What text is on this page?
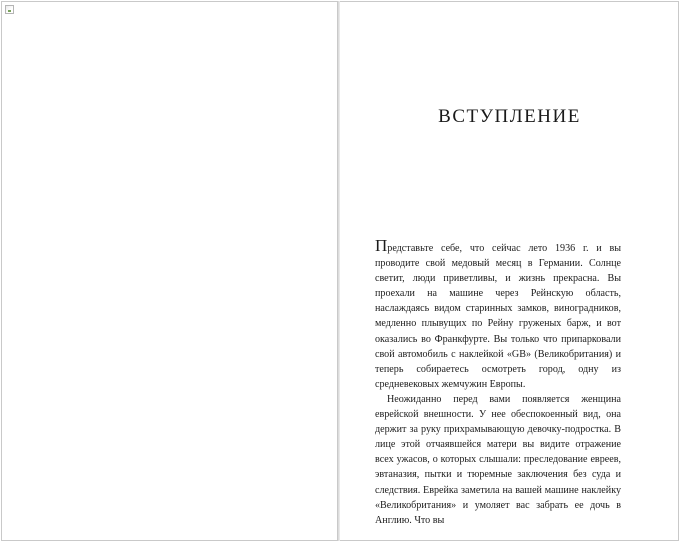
ВСТУПЛЕНИЕ

Представьте себе, что сейчас лето 1936 г. и вы проводите свой медовый месяц в Германии. Солнце светит, люди приветливы, и жизнь прекрасна. Вы проехали на машине через Рейнскую область, наслаждаясь видом старинных замков, виноградников, медленно плывущих по Рейну груженых барж, и вот оказались во Франкфурте. Вы только что припарковали свой автомобиль с наклейкой «GB» (Великобритания) и теперь собираетесь осмотреть город, одну из средневековых жемчужин Европы.

Неожиданно перед вами появляется женщина еврейской внешности. У нее обеспокоенный вид, она держит за руку прихрамывающую девочку-подростка. В лице этой отчаявшейся матери вы видите отражение всех ужасов, о которых слышали: преследование евреев, эвтаназия, пытки и тюремные заключения без суда и следствия. Еврейка заметила на вашей машине наклейку «Великобритания» и умоляет вас забрать ее дочь в Англию. Что вы
